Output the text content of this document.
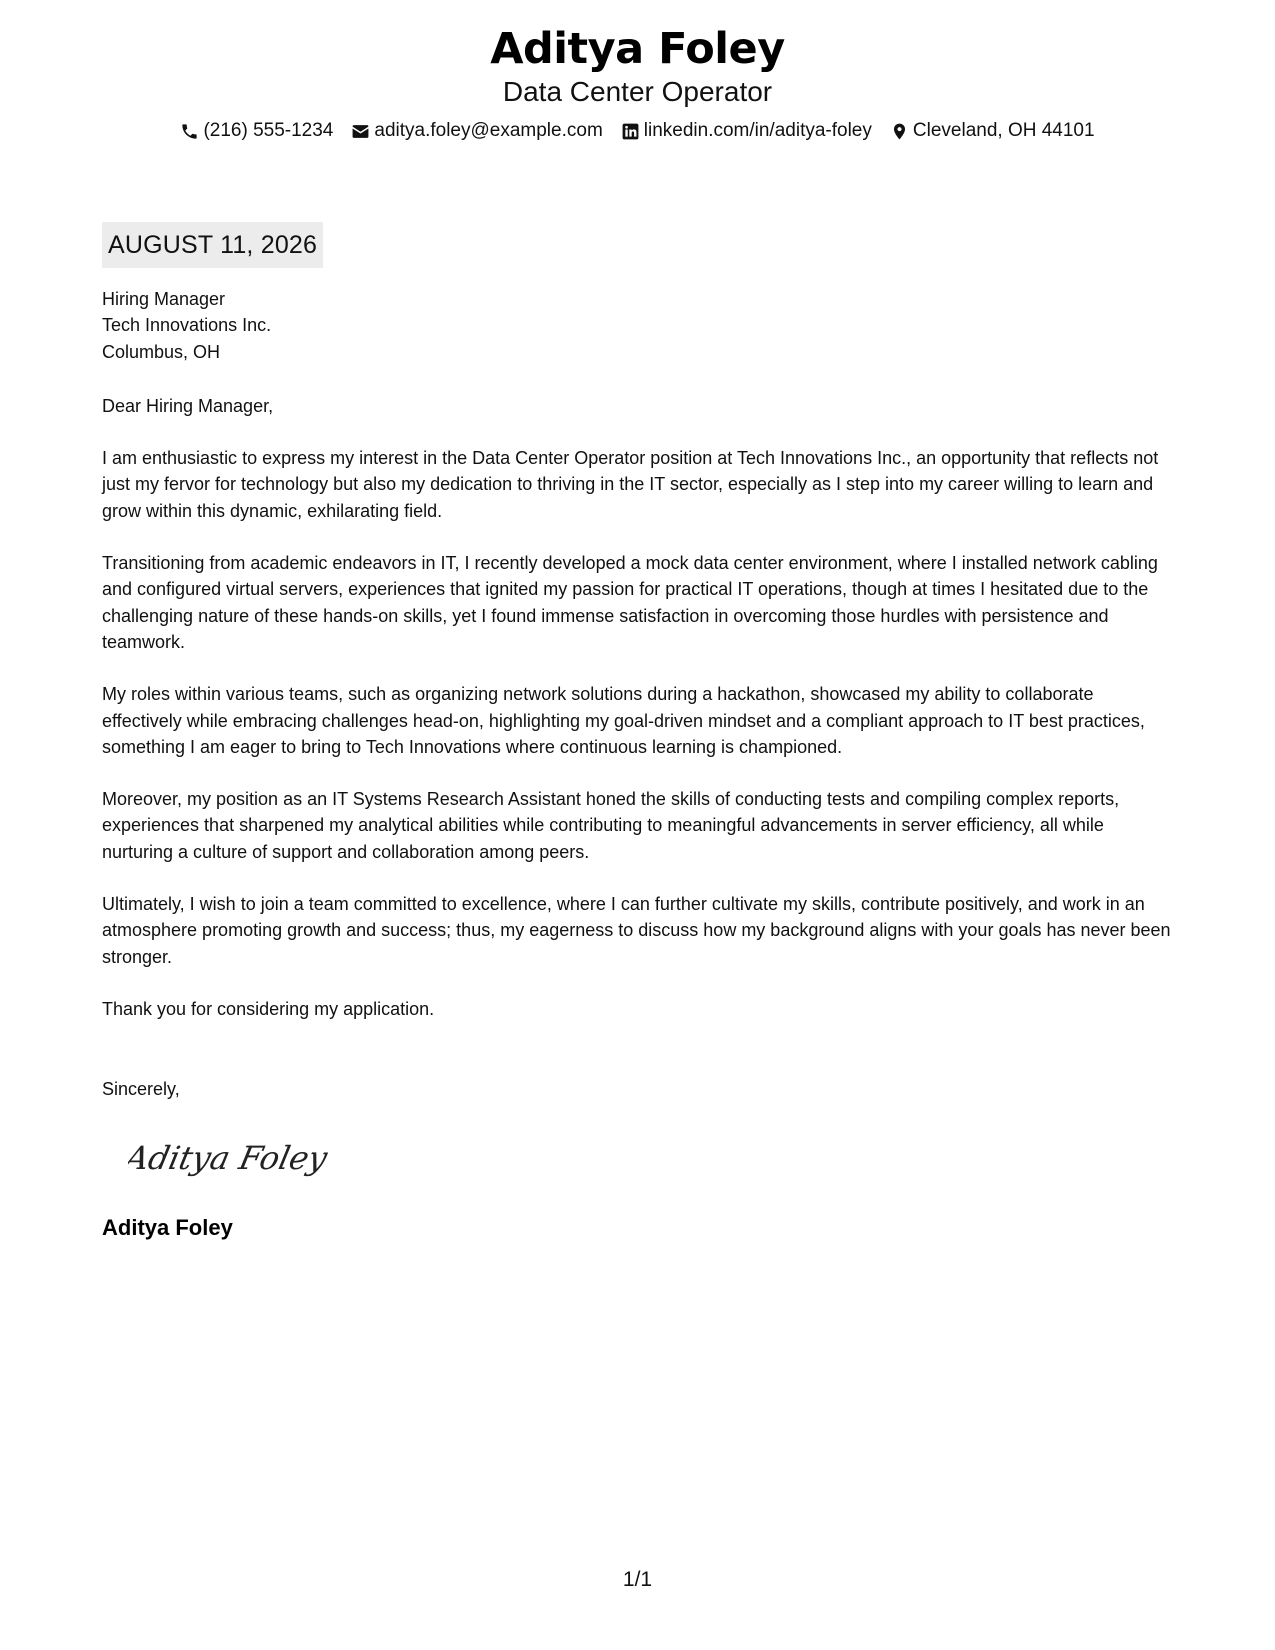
Aditya Foley
Data Center Operator
(216) 555-1234 aditya.foley@example.com linkedin.com/in/aditya-foley Cleveland, OH 44101
AUGUST 11, 2026
Hiring Manager
Tech Innovations Inc.
Columbus, OH
Dear Hiring Manager,

I am enthusiastic to express my interest in the Data Center Operator position at Tech Innovations Inc., an opportunity that reflects not just my fervor for technology but also my dedication to thriving in the IT sector, especially as I step into my career willing to learn and grow within this dynamic, exhilarating field.

Transitioning from academic endeavors in IT, I recently developed a mock data center environment, where I installed network cabling and configured virtual servers, experiences that ignited my passion for practical IT operations, though at times I hesitated due to the challenging nature of these hands-on skills, yet I found immense satisfaction in overcoming those hurdles with persistence and teamwork.

My roles within various teams, such as organizing network solutions during a hackathon, showcased my ability to collaborate effectively while embracing challenges head-on, highlighting my goal-driven mindset and a compliant approach to IT best practices, something I am eager to bring to Tech Innovations where continuous learning is championed.

Moreover, my position as an IT Systems Research Assistant honed the skills of conducting tests and compiling complex reports, experiences that sharpened my analytical abilities while contributing to meaningful advancements in server efficiency, all while nurturing a culture of support and collaboration among peers.

Ultimately, I wish to join a team committed to excellence, where I can further cultivate my skills, contribute positively, and work in an atmosphere promoting growth and success; thus, my eagerness to discuss how my background aligns with your goals has never been stronger.

Thank you for considering my application.
Sincerely,
Aditya Foley
Aditya Foley
1/1
